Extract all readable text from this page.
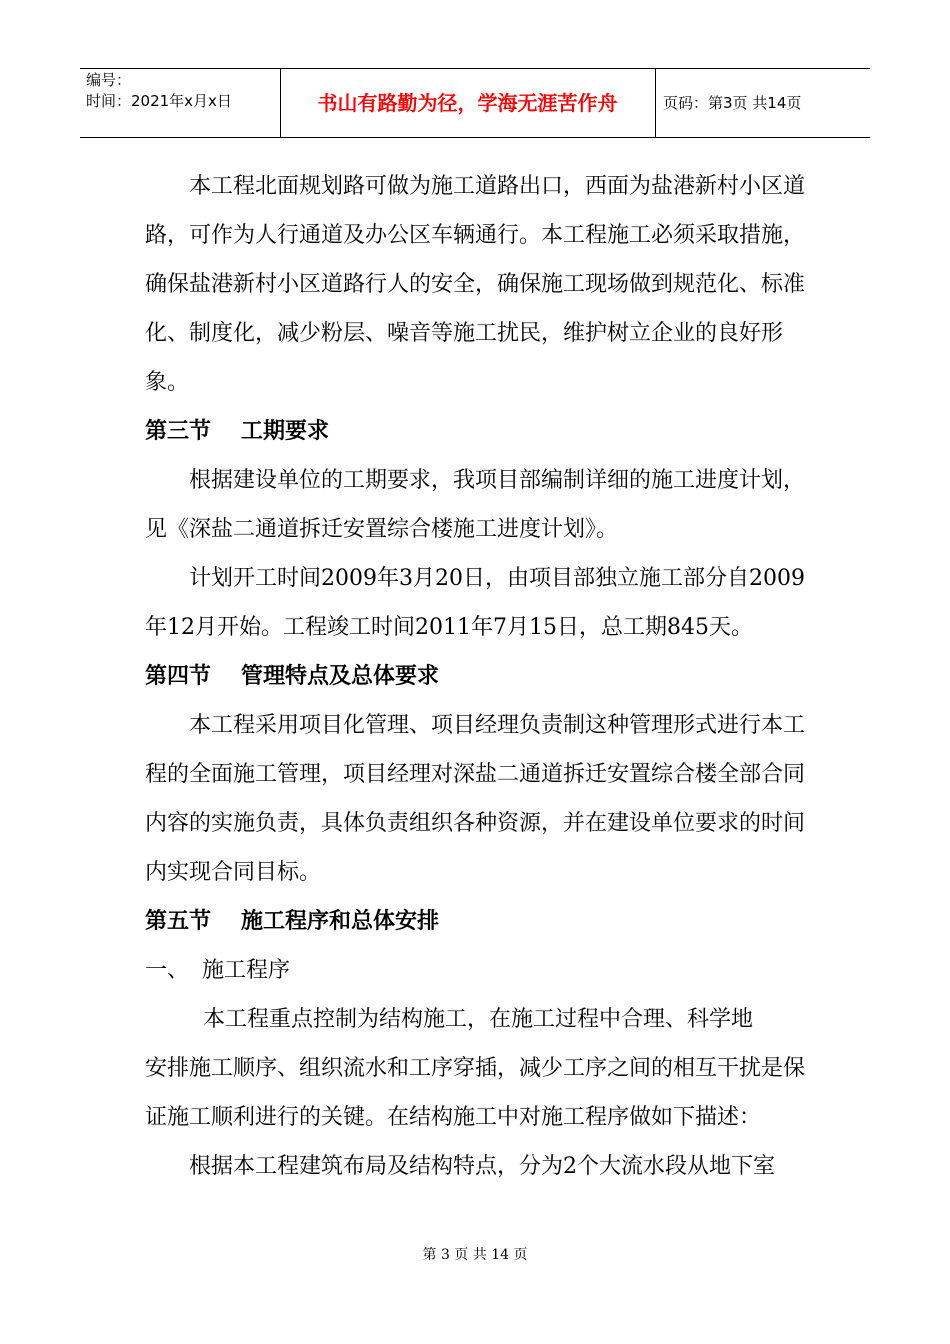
编号：
时间：2021年x月x日	书山有路勤为径，学海无涯苦作舟	页码：第3页 共14页

本工程北面规划路可做为施工道路出口，西面为盐港新村小区道路，可作为人行通道及办公区车辆通行。本工程施工必须采取措施，确保盐港新村小区道路行人的安全，确保施工现场做到规范化、标准化、制度化，减少粉层、噪音等施工扰民，维护树立企业的良好形象。

第三节 工期要求

根据建设单位的工期要求，我项目部编制详细的施工进度计划，见《深盐二通道拆迁安置综合楼施工进度计划》。

计划开工时间2009年3月20日，由项目部独立施工部分自2009年12月开始。工程竣工时间2011年7月15日，总工期845天。

第四节 管理特点及总体要求

本工程采用项目化管理、项目经理负责制这种管理形式进行本工程的全面施工管理，项目经理对深盐二通道拆迁安置综合楼全部合同内容的实施负责，具体负责组织各种资源，并在建设单位要求的时间内实现合同目标。

第五节 施工程序和总体安排

一、 施工程序

本工程重点控制为结构施工，在施工过程中合理、科学地

安排施工顺序、组织流水和工序穿插，减少工序之间的相互干扰是保证施工顺利进行的关键。在结构施工中对施工程序做如下描述：

根据本工程建筑布局及结构特点，分为2个大流水段从地下室

第 3 页 共 14 页
